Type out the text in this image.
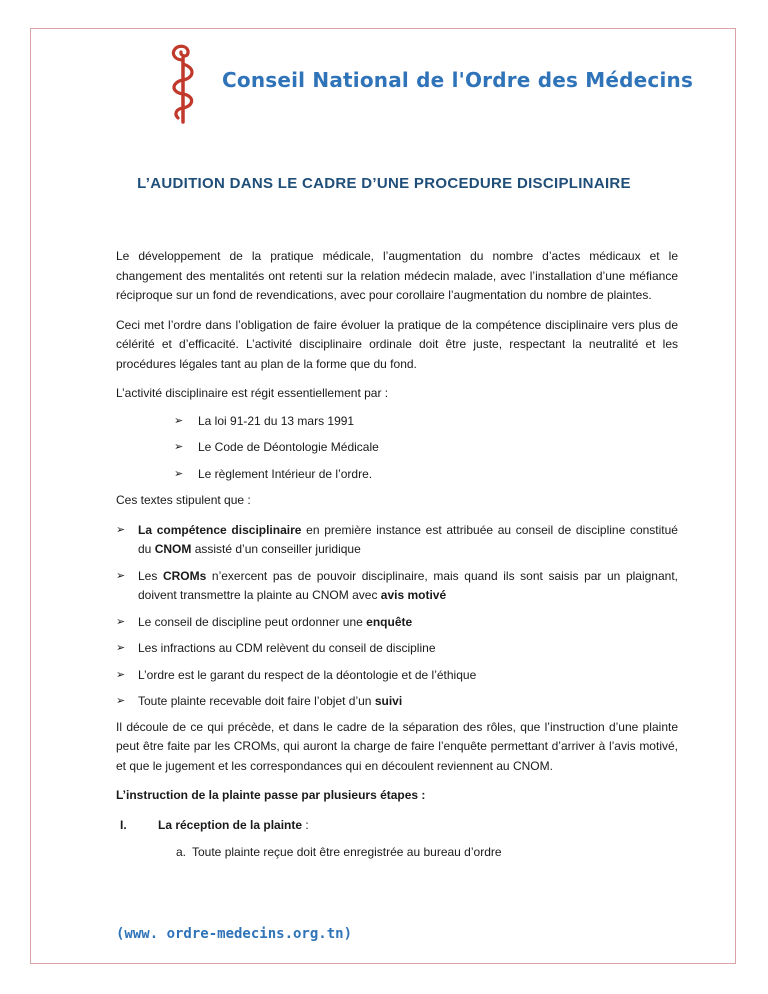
Conseil National de l'Ordre des Médecins
L’AUDITION DANS LE CADRE D’UNE PROCEDURE DISCIPLINAIRE

Le développement de la pratique médicale, l’augmentation du nombre d’actes médicaux et le changement des mentalités ont retenti sur la relation médecin malade, avec l’installation d’une méfiance réciproque sur un fond de revendications, avec pour corollaire l’augmentation du nombre de plaintes.

Ceci met l’ordre dans l’obligation de faire évoluer la pratique de la compétence disciplinaire vers plus de célérité et d’efficacité. L’activité disciplinaire ordinale doit être juste, respectant la neutralité et les procédures légales tant au plan de la forme que du fond.

L’activité disciplinaire est régit essentiellement par :

➢ La loi 91-21 du 13 mars 1991
➢ Le Code de Déontologie Médicale
➢ Le règlement Intérieur de l’ordre.

Ces textes stipulent que :

➢ La compétence disciplinaire en première instance est attribuée au conseil de discipline constitué du CNOM assisté d’un conseiller juridique
➢ Les CROMs n’exercent pas de pouvoir disciplinaire, mais quand ils sont saisis par un plaignant, doivent transmettre la plainte au CNOM avec avis motivé
➢ Le conseil de discipline peut ordonner une enquête
➢ Les infractions au CDM relèvent du conseil de discipline
➢ L’ordre est le garant du respect de la déontologie et de l’éthique
➢ Toute plainte recevable doit faire l’objet d’un suivi

Il découle de ce qui précède, et dans le cadre de la séparation des rôles, que l’instruction d’une plainte peut être faite par les CROMs, qui auront la charge de faire l’enquête permettant d’arriver à l’avis motivé, et que le jugement et les correspondances qui en découlent reviennent au CNOM.

L’instruction de la plainte passe par plusieurs étapes :

I.	La réception de la plainte :
a. Toute plainte reçue doit être enregistrée au bureau d’ordre
(www. ordre-medecins.org.tn)
